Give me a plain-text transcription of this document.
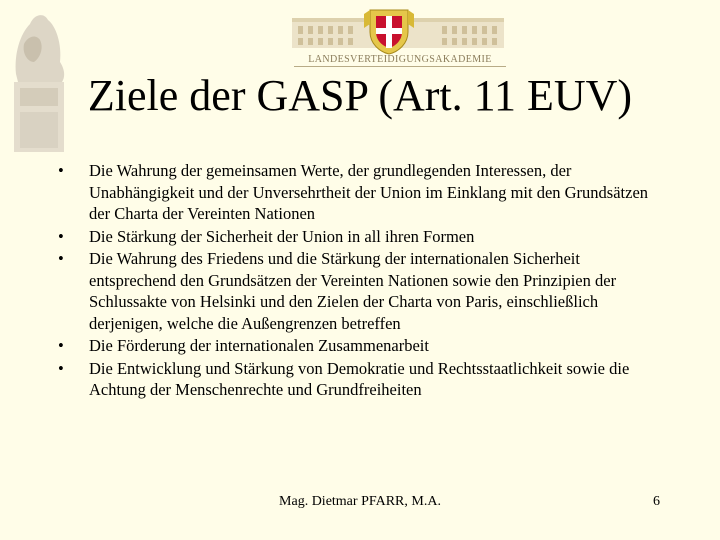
LANDESVERTEIDIGUNGSAKADEMIE
Ziele der GASP (Art. 11 EUV)
• Die Wahrung der gemeinsamen Werte, der grundlegenden Interessen, der Unabhängigkeit und der Unversehrtheit der Union im Einklang mit den Grundsätzen der Charta der Vereinten Nationen
• Die Stärkung der Sicherheit der Union in all ihren Formen
• Die Wahrung des Friedens und die Stärkung der internationalen Sicherheit entsprechend den Grundsätzen der Vereinten Nationen sowie den Prinzipien der Schlussakte von Helsinki und den Zielen der Charta von Paris, einschließlich derjenigen, welche die Außengrenzen betreffen
• Die Förderung der internationalen Zusammenarbeit
• Die Entwicklung und Stärkung von Demokratie und Rechtsstaatlichkeit sowie die Achtung der Menschenrechte und Grundfreiheiten
Mag. Dietmar PFARR, M.A.	6
